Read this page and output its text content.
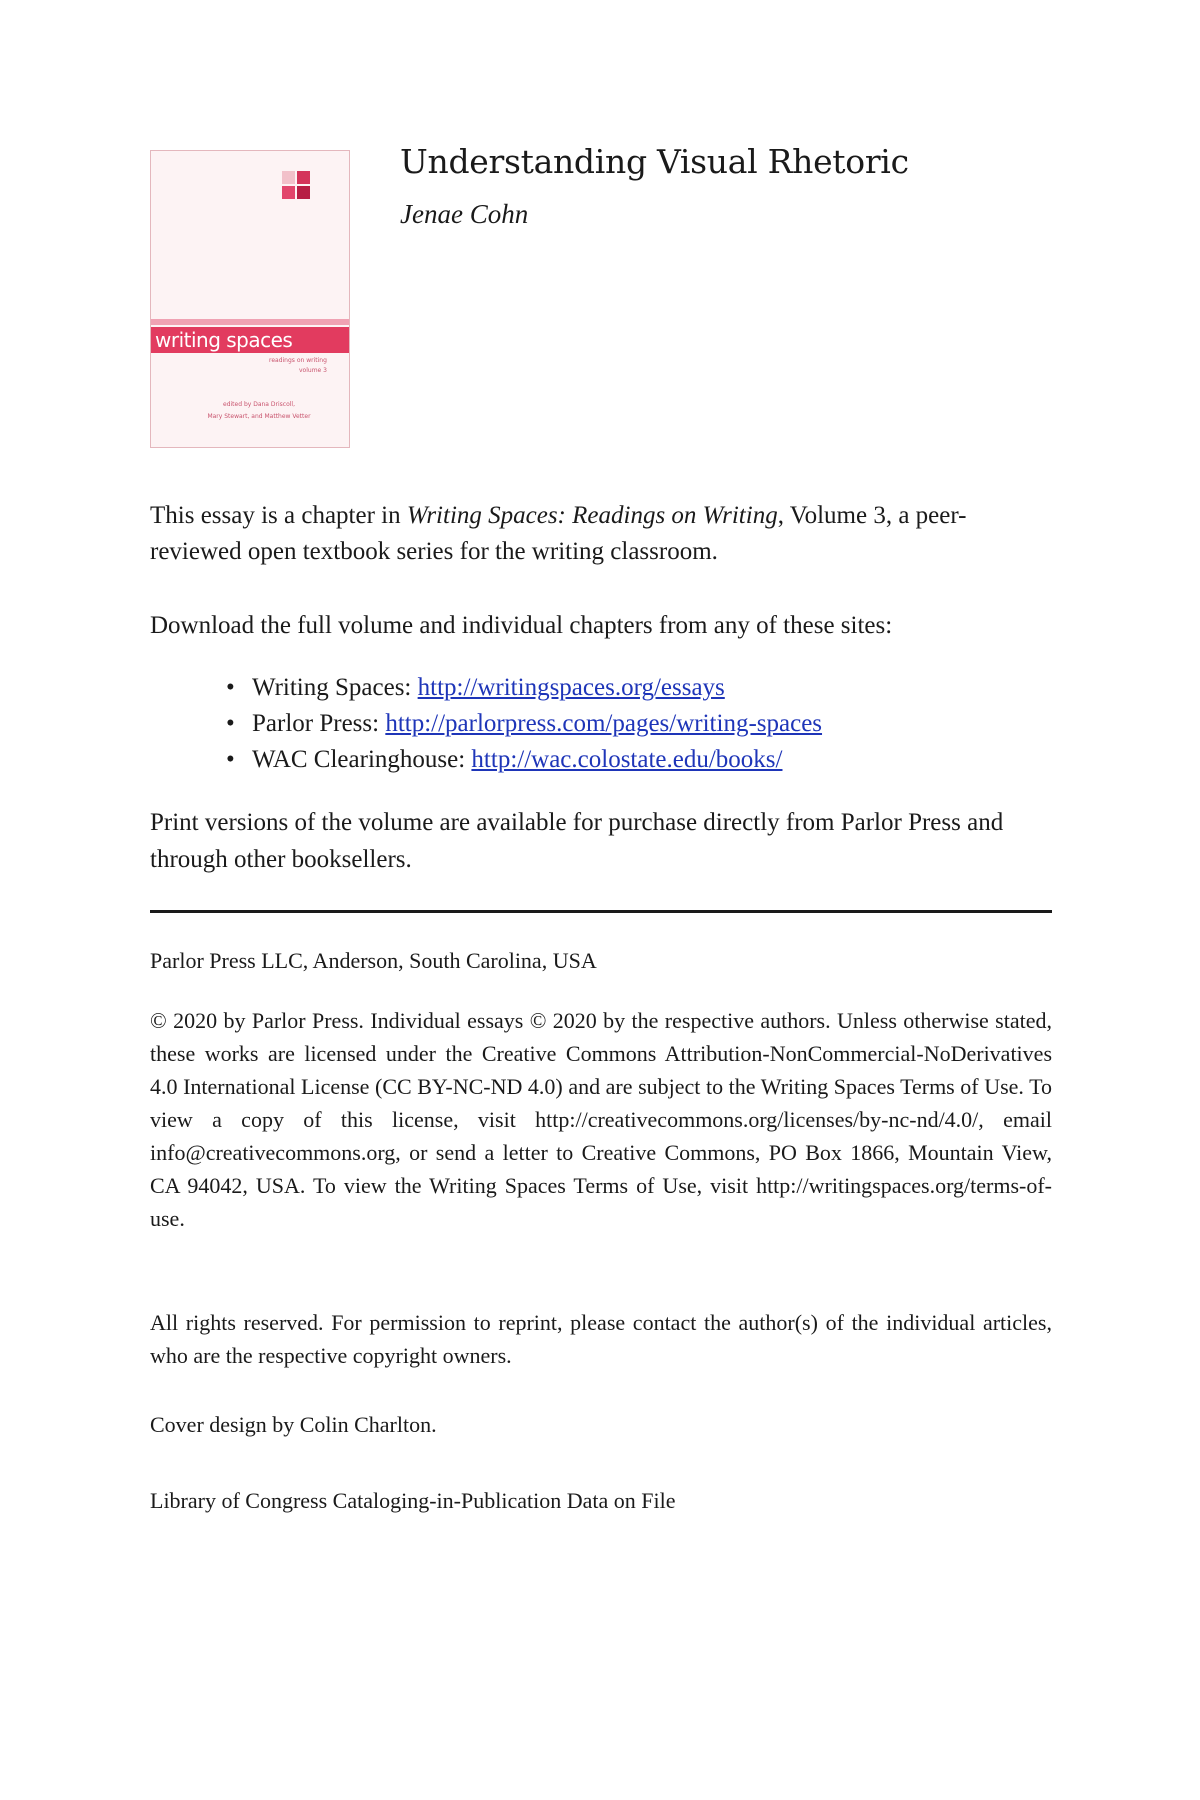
writing spaces
readings on writing
volume 3
edited by Dana Driscoll,
Mary Stewart, and Matthew Vetter
Understanding Visual Rhetoric
Jenae Cohn
This essay is a chapter in Writing Spaces: Readings on Writing, Volume 3, a peer-reviewed open textbook series for the writing classroom.
Download the full volume and individual chapters from any of these sites:
• Writing Spaces: http://writingspaces.org/essays
• Parlor Press: http://parlorpress.com/pages/writing-spaces
• WAC Clearinghouse: http://wac.colostate.edu/books/
Print versions of the volume are available for purchase directly from Parlor Press and through other booksellers.
Parlor Press LLC, Anderson, South Carolina, USA
© 2020 by Parlor Press. Individual essays © 2020 by the respective authors. Unless otherwise stated, these works are licensed under the Creative Commons Attribution-NonCommercial-NoDerivatives 4.0 International License (CC BY-NC-ND 4.0) and are subject to the Writing Spaces Terms of Use. To view a copy of this license, visit http://creativecommons.org/licenses/by-nc-nd/4.0/, email info@creativecommons.org, or send a letter to Creative Commons, PO Box 1866, Mountain View, CA 94042, USA. To view the Writing Spaces Terms of Use, visit http://writingspaces.org/terms-of-use.
All rights reserved. For permission to reprint, please contact the author(s) of the individual articles, who are the respective copyright owners.
Cover design by Colin Charlton.
Library of Congress Cataloging-in-Publication Data on File
